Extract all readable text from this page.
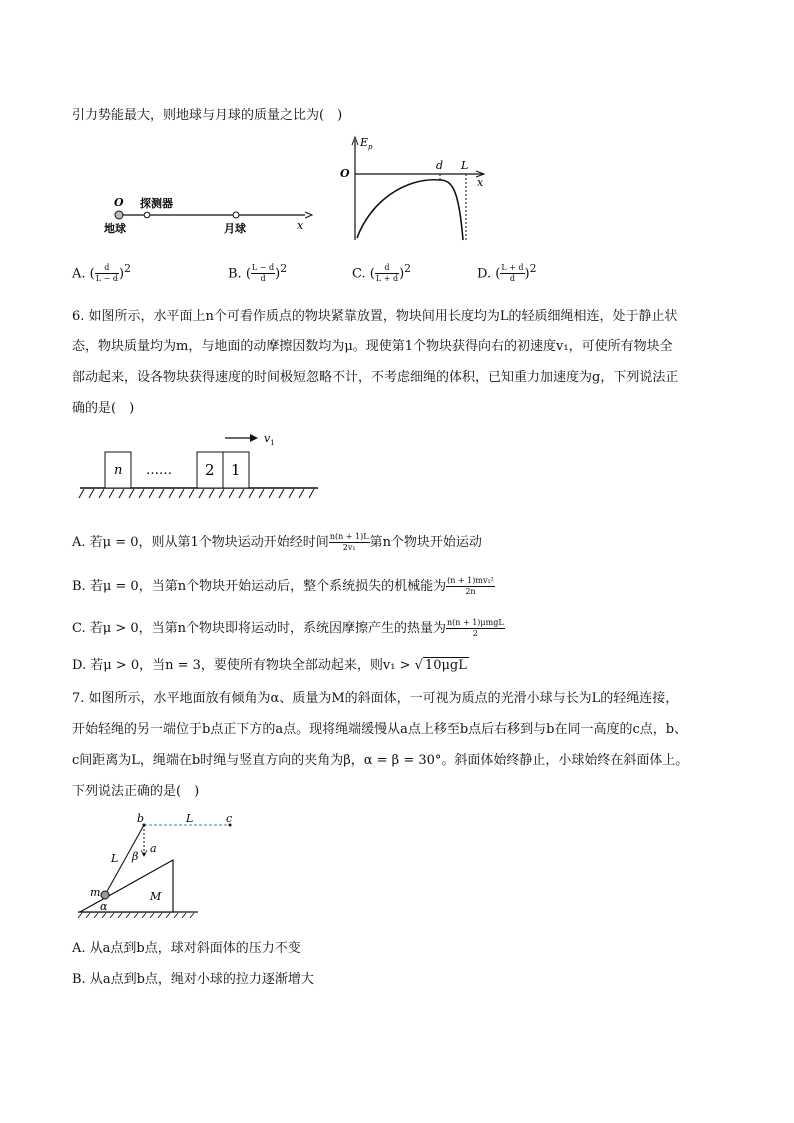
引力势能最大，则地球与月球的质量之比为(　)
O 探测器
地球	月球	x
$E_p$
O
d L
x
A. ( $\frac{d}{L - d} )^2$	B. ( $\frac{L - d}{d} )^2$	C. ( $\frac{d}{L + d} )^2$	D. ( $\frac{L + d}{d} )^2$
6. 如图所示，水平面上n个可看作质点的物块紧靠放置，物块间用长度均为L的轻质细绳相连，处于静止状
态，物块质量均为m，与地面的动摩擦因数均为μ。现使第1个物块获得向右的初速度v₁，可使所有物块全
部动起来，设各物块获得速度的时间极短忽略不计，不考虑细绳的体积，已知重力加速度为g，下列说法正
确的是(　)
n …… 2 1
$v_1$
A. 若μ = 0，则从第1个物块运动开始经时间 $\frac{n(n + 1)L}{\text{2v₁}}$ 第n个物块开始运动
B. 若μ = 0，当第n个物块开始运动后，整个系统损失的机械能为 $\frac{\text{(n + 1)mv₁²}}{2n}$
C. 若μ > 0，当第n个物块即将运动时，系统因摩擦产生的热量为 $\frac{\text{n(n + 1)μmgL}}{2}$
D. 若μ > 0，当n = 3，要使所有物块全部动起来，则v₁ > √ 10μgL
7. 如图所示，水平地面放有倾角为α、质量为M的斜面体，一可视为质点的光滑小球与长为L的轻绳连接，
开始轻绳的另一端位于b点正下方的a点。现将绳端缓慢从a点上移至b点后右移到与b在同一高度的c点，b、
c间距离为L，绳端在b时绳与竖直方向的夹角为β，α = β = 30°。斜面体始终静止，小球始终在斜面体上。
下列说法正确的是(　)
b	c
L
a
L β
m	M
α
A. 从a点到b点，球对斜面体的压力不变
B. 从a点到b点，绳对小球的拉力逐渐增大
